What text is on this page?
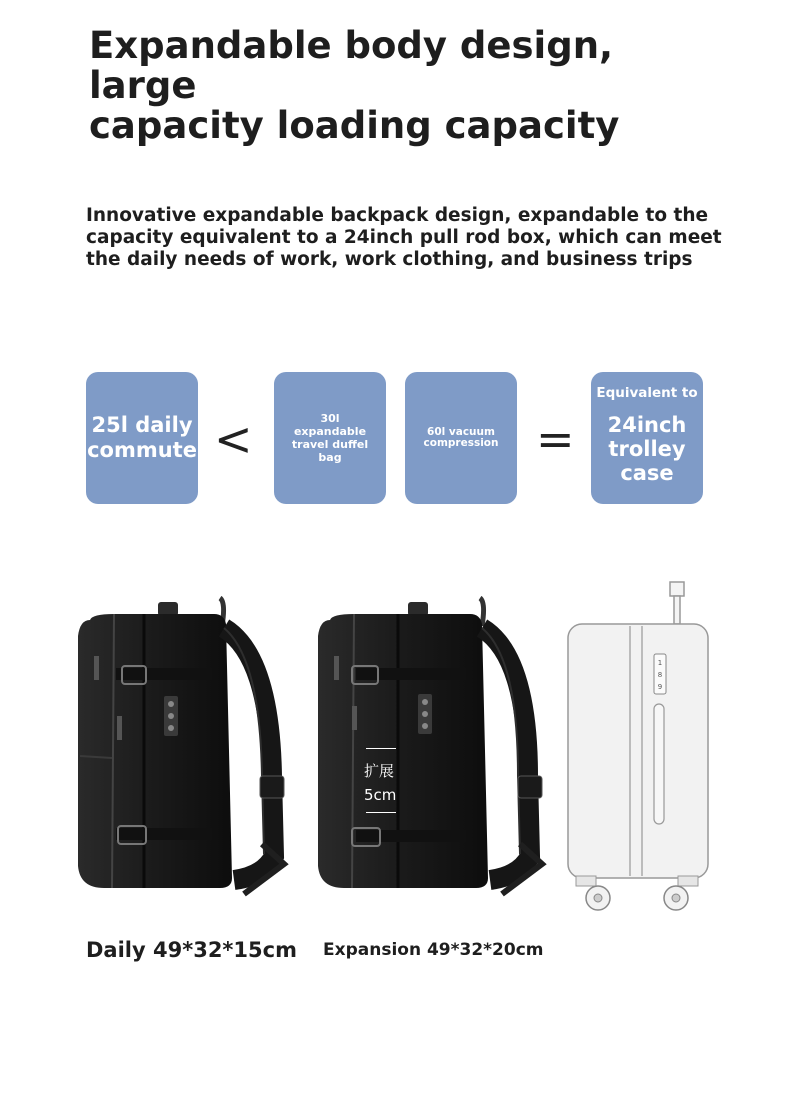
Expandable body design, large
capacity loading capacity
Innovative expandable backpack design, expandable to the
capacity equivalent to a 24inch pull rod box, which can meet
the daily needs of work, work clothing, and business trips
25l daily
commute <	30l
expandable
travel duffel
bag
60l vacuum
compression =
Equivalent to
24inch
trolley
case
扩展
5cm
1
8
9
Daily 49*32*15cm Expansion 49*32*20cm
